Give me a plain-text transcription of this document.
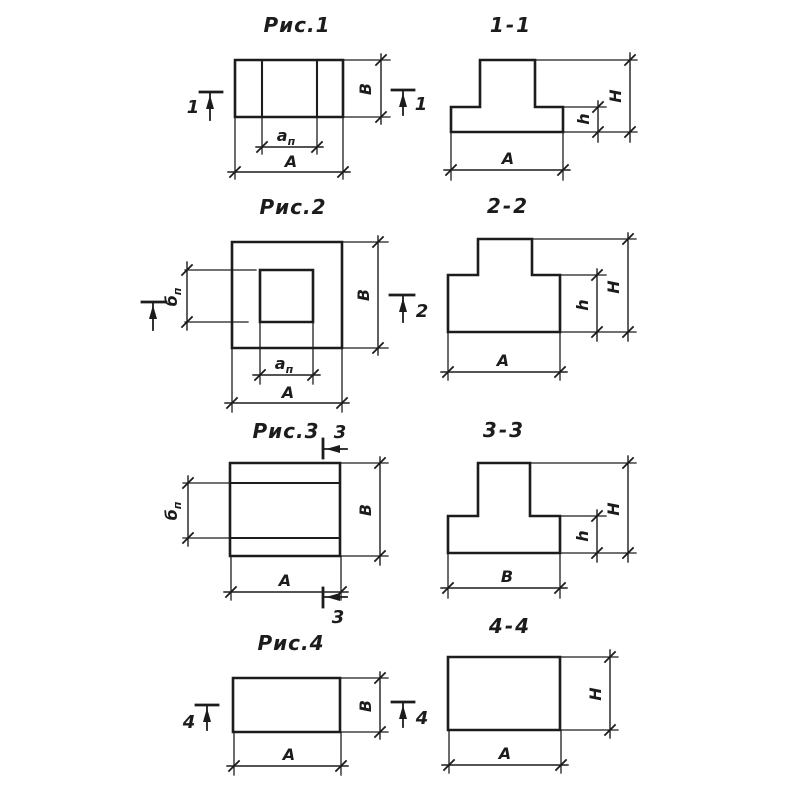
Рис.1
$a_п$
A
В
1	1
1-1
Н
h
A
Рис.2
$б_п$	В
$a_п$
A
2
2-2
Н
h
A
Рис.3
$б_п$	В
A
3
3
3-3
Н
h
В
Рис.4
В
A
4	4
4-4
Н
A
